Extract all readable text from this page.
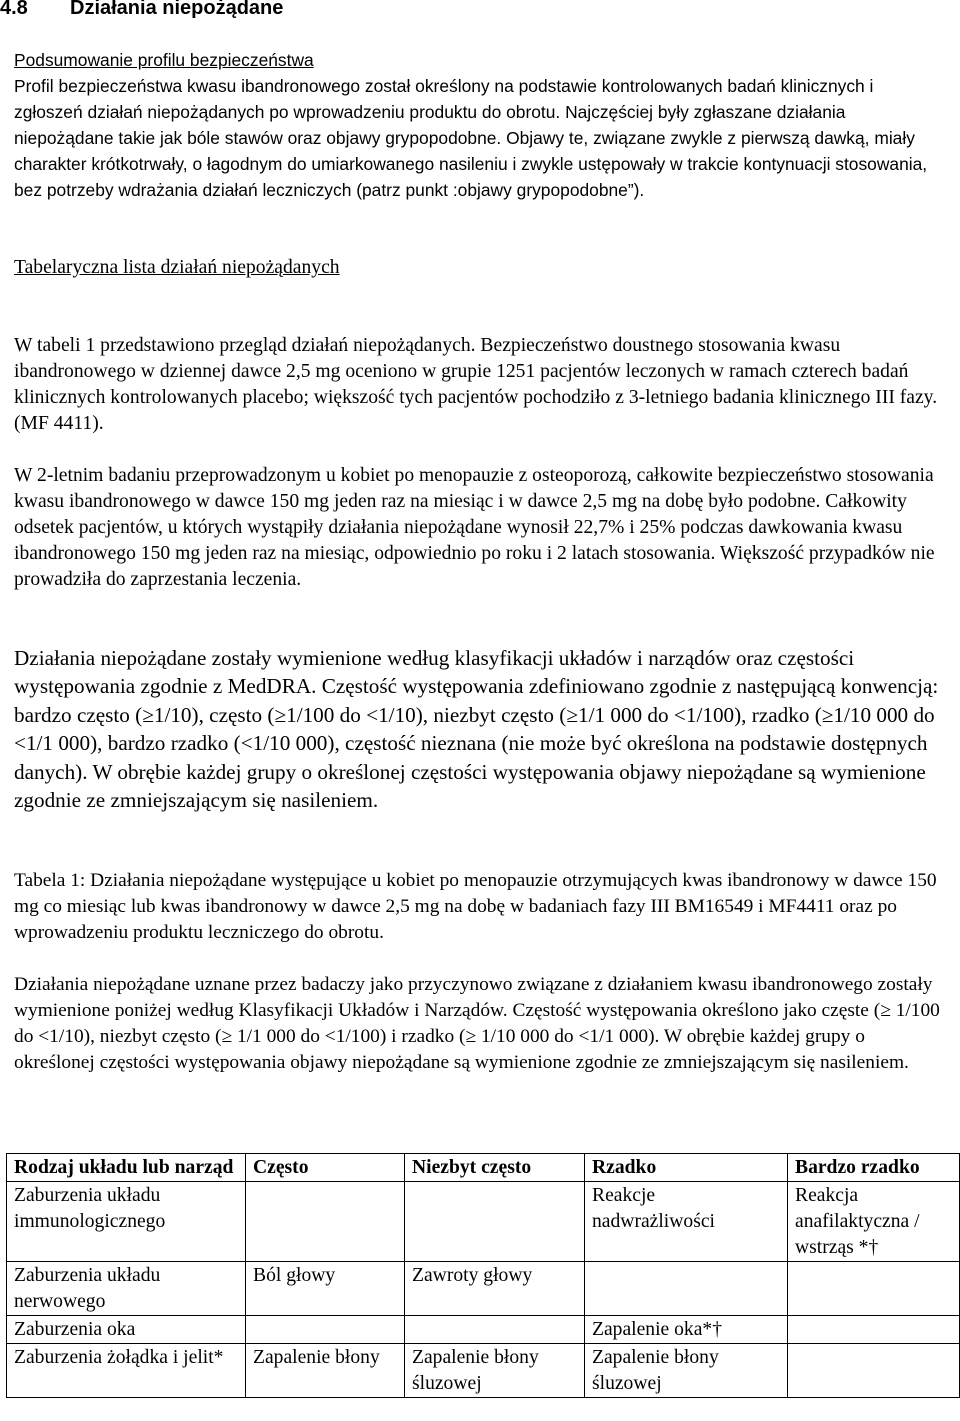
4.8 Działania niepożądane

Podsumowanie profilu bezpieczeństwa

Profil bezpieczeństwa kwasu ibandronowego został określony na podstawie kontrolowanych badań klinicznych i zgłoszeń działań niepożądanych po wprowadzeniu produktu do obrotu. Najczęściej były zgłaszane działania niepożądane takie jak bóle stawów oraz objawy grypopodobne. Objawy te, związane zwykle z pierwszą dawką, miały charakter krótkotrwały, o łagodnym do umiarkowanego nasileniu i zwykle ustępowały w trakcie kontynuacji stosowania, bez potrzeby wdrażania działań leczniczych (patrz punkt :objawy grypopodobne”).

Tabelaryczna lista działań niepożądanych

W tabeli 1 przedstawiono przegląd działań niepożądanych. Bezpieczeństwo doustnego stosowania kwasu ibandronowego w dziennej dawce 2,5 mg oceniono w grupie 1251 pacjentów leczonych w ramach czterech badań klinicznych kontrolowanych placebo; większość tych pacjentów pochodziło z 3-letniego badania klinicznego III fazy. (MF 4411).

W 2-letnim badaniu przeprowadzonym u kobiet po menopauzie z osteoporozą, całkowite bezpieczeństwo stosowania kwasu ibandronowego w dawce 150 mg jeden raz na miesiąc i w dawce 2,5 mg na dobę było podobne. Całkowity odsetek pacjentów, u których wystąpiły działania niepożądane wynosił 22,7% i 25% podczas dawkowania kwasu ibandronowego 150 mg jeden raz na miesiąc, odpowiednio po roku i 2 latach stosowania. Większość przypadków nie prowadziła do zaprzestania leczenia.

Działania niepożądane zostały wymienione według klasyfikacji układów i narządów oraz częstości występowania zgodnie z MedDRA. Częstość występowania zdefiniowano zgodnie z następującą konwencją: bardzo często (≥1/10), często (≥1/100 do <1/10), niezbyt często (≥1/1 000 do <1/100), rzadko (≥1/10 000 do <1/1 000), bardzo rzadko (<1/10 000), częstość nieznana (nie może być określona na podstawie dostępnych danych). W obrębie każdej grupy o określonej częstości występowania objawy niepożądane są wymienione zgodnie ze zmniejszającym się nasileniem.

Tabela 1: Działania niepożądane występujące u kobiet po menopauzie otrzymujących kwas ibandronowy w dawce 150 mg co miesiąc lub kwas ibandronowy w dawce 2,5 mg na dobę w badaniach fazy III BM16549 i MF4411 oraz po wprowadzeniu produktu leczniczego do obrotu.

Działania niepożądane uznane przez badaczy jako przyczynowo związane z działaniem kwasu ibandronowego zostały wymienione poniżej według Klasyfikacji Układów i Narządów. Częstość występowania określono jako częste (≥ 1/100 do <1/10), niezbyt często (≥ 1/1 000 do <1/100) i rzadko (≥ 1/10 000 do <1/1 000). W obrębie każdej grupy o określonej częstości występowania objawy niepożądane są wymienione zgodnie ze zmniejszającym się nasileniem.

Rodzaj układu lub narząd	Często	Niezbyt często	Rzadko	Bardzo rzadko
Zaburzenia układu immunologicznego			Reakcje nadwrażliwości	Reakcja anafilaktyczna / wstrząs *†
Zaburzenia układu nerwowego	Ból głowy	Zawroty głowy		
Zaburzenia oka			Zapalenie oka*†	
Zaburzenia żołądka i jelit*	Zapalenie błony	Zapalenie błony śluzowej	Zapalenie błony śluzowej	
